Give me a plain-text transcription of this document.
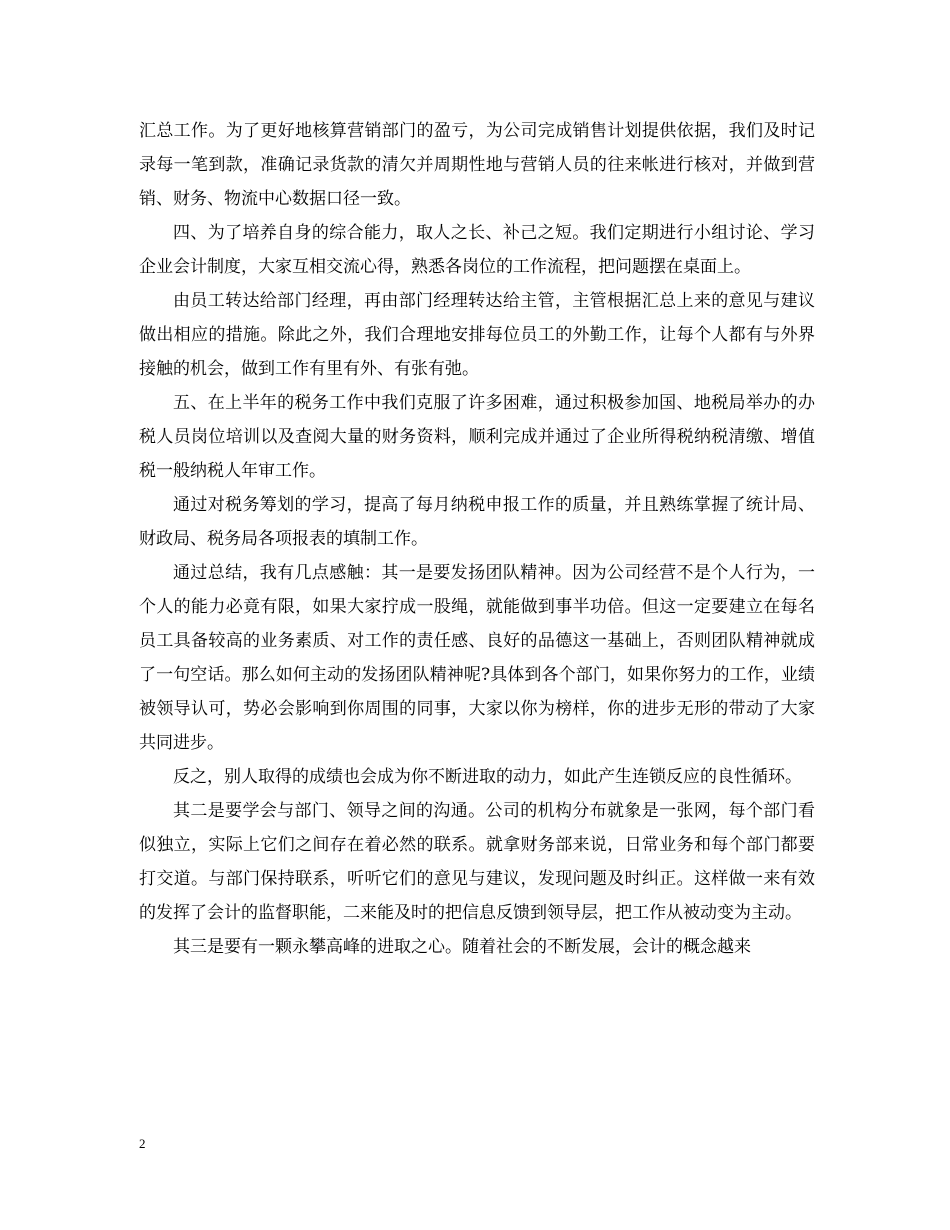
汇总工作。为了更好地核算营销部门的盈亏，为公司完成销售计划提供依据，我们及时记录每一笔到款，准确记录货款的清欠并周期性地与营销人员的往来帐进行核对，并做到营销、财务、物流中心数据口径一致。

四、为了培养自身的综合能力，取人之长、补己之短。我们定期进行小组讨论、学习企业会计制度，大家互相交流心得，熟悉各岗位的工作流程，把问题摆在桌面上。

由员工转达给部门经理，再由部门经理转达给主管，主管根据汇总上来的意见与建议做出相应的措施。除此之外，我们合理地安排每位员工的外勤工作，让每个人都有与外界接触的机会，做到工作有里有外、有张有弛。

五、在上半年的税务工作中我们克服了许多困难，通过积极参加国、地税局举办的办税人员岗位培训以及查阅大量的财务资料，顺利完成并通过了企业所得税纳税清缴、增值税一般纳税人年审工作。

通过对税务筹划的学习，提高了每月纳税申报工作的质量，并且熟练掌握了统计局、财政局、税务局各项报表的填制工作。

通过总结，我有几点感触：其一是要发扬团队精神。因为公司经营不是个人行为，一个人的能力必竟有限，如果大家拧成一股绳，就能做到事半功倍。但这一定要建立在每名员工具备较高的业务素质、对工作的责任感、良好的品德这一基础上，否则团队精神就成了一句空话。那么如何主动的发扬团队精神呢?具体到各个部门，如果你努力的工作，业绩被领导认可，势必会影响到你周围的同事，大家以你为榜样，你的进步无形的带动了大家共同进步。

反之，别人取得的成绩也会成为你不断进取的动力，如此产生连锁反应的良性循环。

其二是要学会与部门、领导之间的沟通。公司的机构分布就象是一张网，每个部门看似独立，实际上它们之间存在着必然的联系。就拿财务部来说，日常业务和每个部门都要打交道。与部门保持联系，听听它们的意见与建议，发现问题及时纠正。这样做一来有效的发挥了会计的监督职能，二来能及时的把信息反馈到领导层，把工作从被动变为主动。

其三是要有一颗永攀高峰的进取之心。随着社会的不断发展，会计的概念越来

2
